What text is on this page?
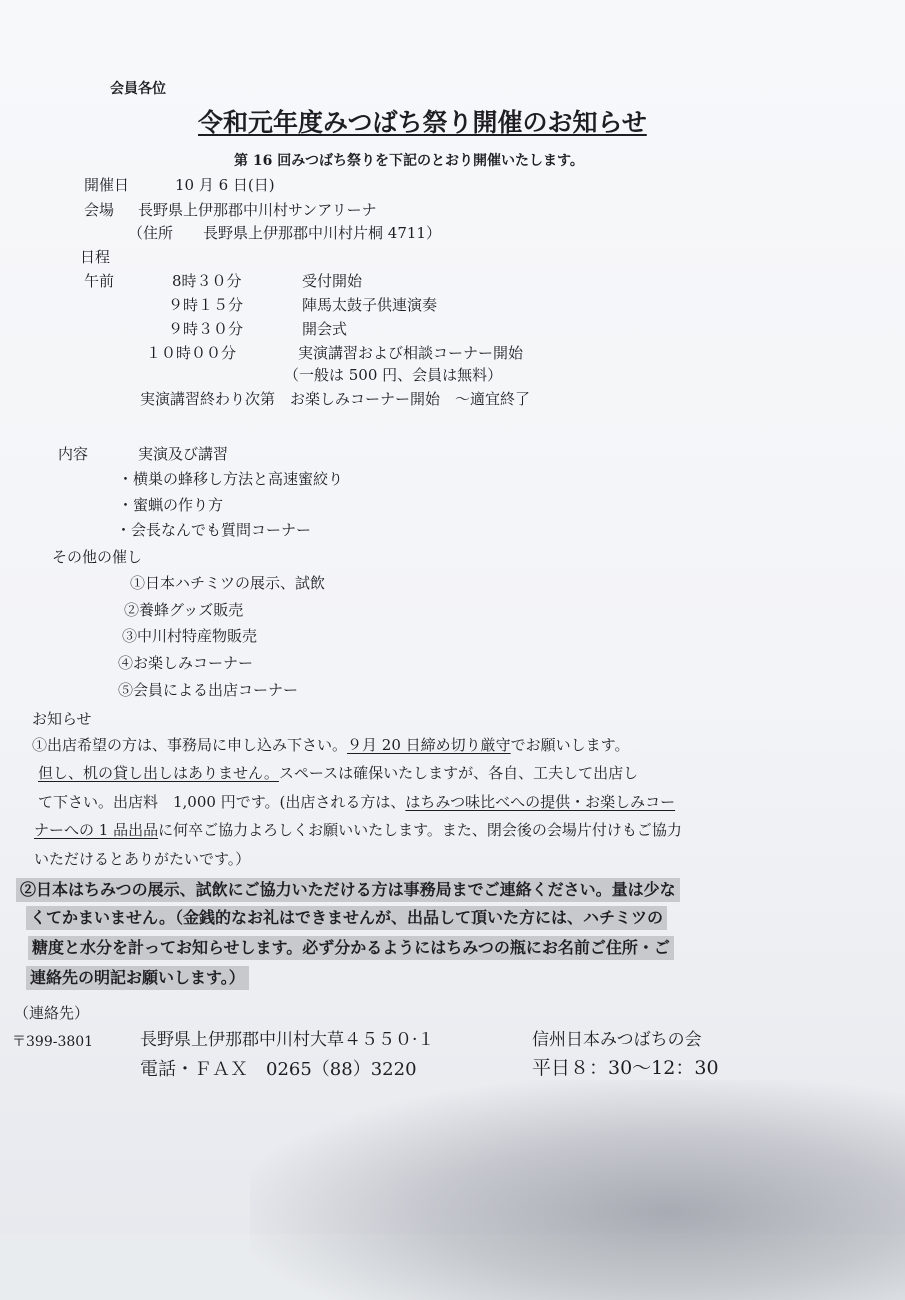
会員各位
令和元年度みつばち祭り開催のお知らせ
第 16 回みつばち祭りを下記のとおり開催いたします。
開催日	10 月 6 日(日)
会場 長野県上伊那郡中川村サンアリーナ
（住所　　長野県上伊那郡中川村片桐 4711）
日程
午前	8時３０分	受付開始
９時１５分	陣馬太鼓子供連演奏
９時３０分	開会式
１０時００分	実演講習および相談コーナー開始
（一般は 500 円、会員は無料）
実演講習終わり次第　お楽しみコーナー開始　～適宜終了
内容	実演及び講習
・横巣の蜂移し方法と高速蜜絞り
・蜜蝋の作り方
・会長なんでも質問コーナー
その他の催し
①日本ハチミツの展示、試飲
②養蜂グッズ販売
③中川村特産物販売
④お楽しみコーナー
⑤会員による出店コーナー
お知らせ
①出店希望の方は、事務局に申し込み下さい。９月 20 日締め切り厳守でお願いします。
但し、机の貸し出しはありません。スペースは確保いたしますが、各自、工夫して出店し
て下さい。出店料　1,000 円です。(出店される方は、はちみつ味比べへの提供・お楽しみコー
ナーへの 1 品出品に何卒ご協力よろしくお願いいたします。また、閉会後の会場片付けもご協力
いただけるとありがたいです。）
②日本はちみつの展示、試飲にご協力いただける方は事務局までご連絡ください。量は少な
くてかまいません。（金銭的なお礼はできませんが、出品して頂いた方には、ハチミツの
糖度と水分を計ってお知らせします。必ず分かるようにはちみつの瓶にお名前ご住所・ご
連絡先の明記お願いします。）
（連絡先）
〒399-3801	長野県上伊那郡中川村大草４５５０·１	信州日本みつばちの会
電話・ＦＡＸ　0265（88）3220	平日８：30～12：30
